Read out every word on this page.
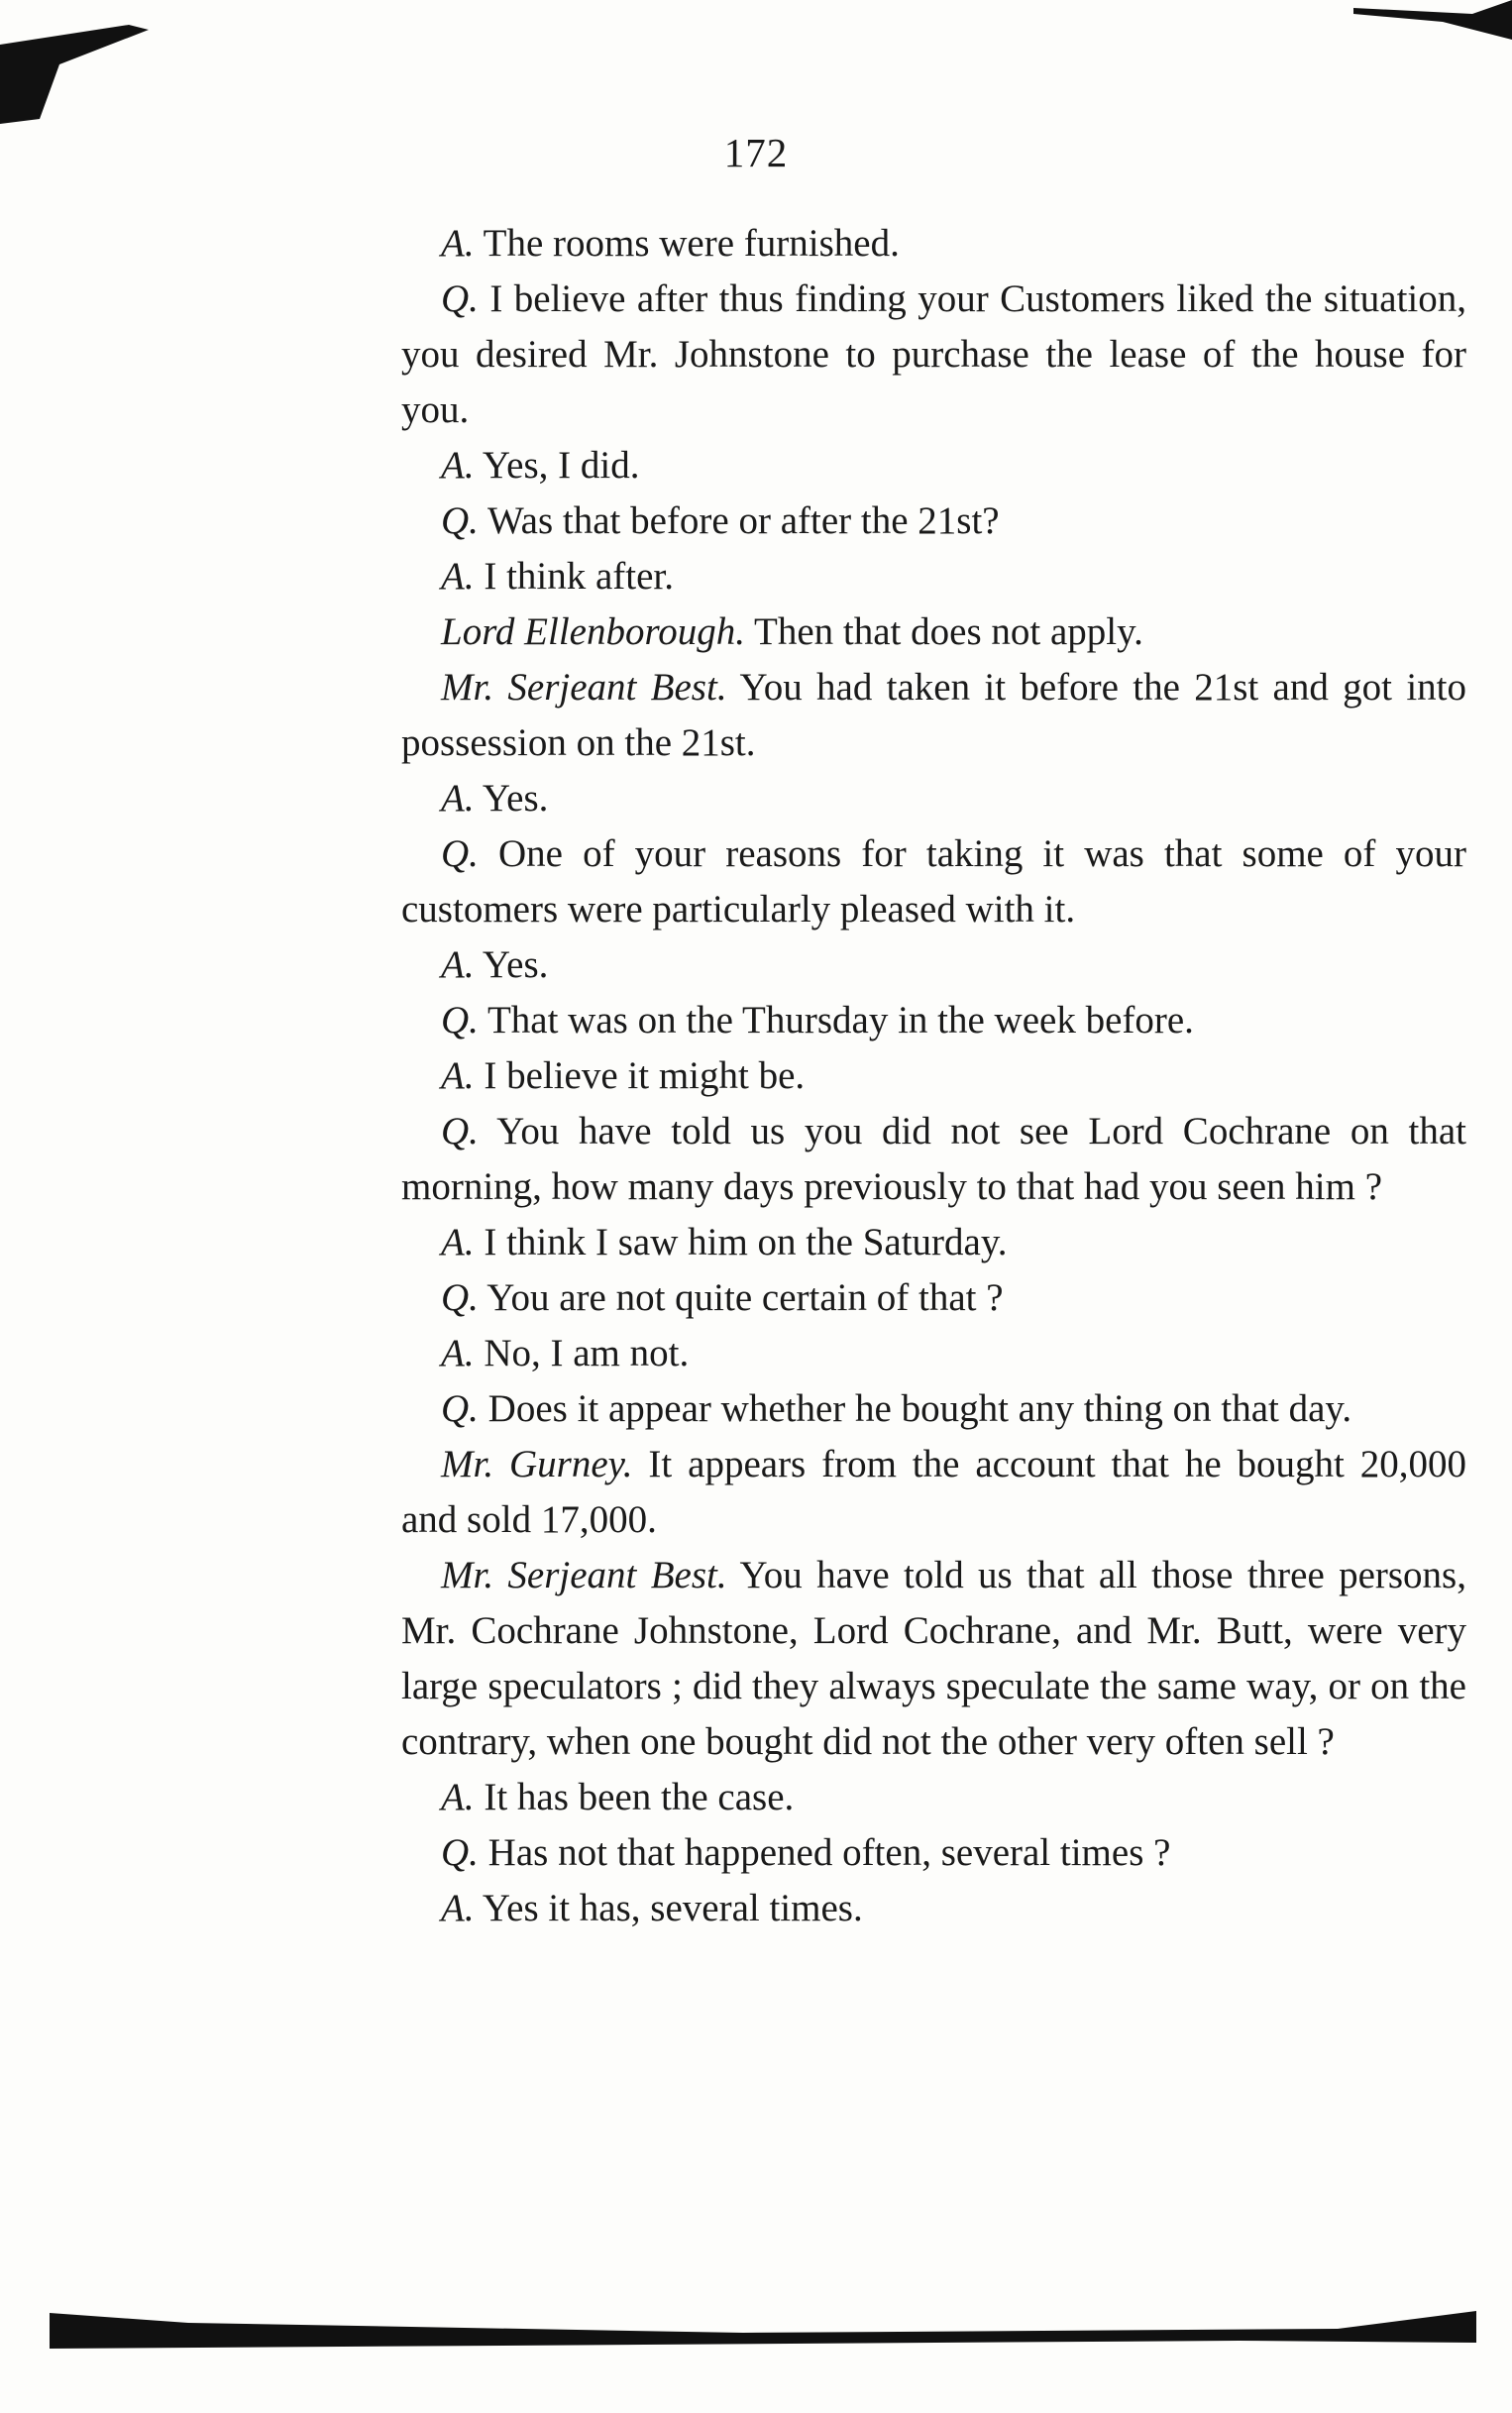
172

A. The rooms were furnished.

Q. I believe after thus finding your Customers liked the situation, you desired Mr. Johnstone to purchase the lease of the house for you.

A. Yes, I did.

Q. Was that before or after the 21st?

A. I think after.

Lord Ellenborough. Then that does not apply.

Mr. Serjeant Best. You had taken it before the 21st and got into possession on the 21st.

A. Yes.

Q. One of your reasons for taking it was that some of your customers were particularly pleased with it.

A. Yes.

Q. That was on the Thursday in the week before.

A. I believe it might be.

Q. You have told us you did not see Lord Cochrane on that morning, how many days previously to that had you seen him ?

A. I think I saw him on the Saturday.

Q. You are not quite certain of that ?

A. No, I am not.

Q. Does it appear whether he bought any thing on that day.

Mr. Gurney. It appears from the account that he bought 20,000 and sold 17,000.

Mr. Serjeant Best. You have told us that all those three persons, Mr. Cochrane Johnstone, Lord Cochrane, and Mr. Butt, were very large speculators ; did they always speculate the same way, or on the contrary, when one bought did not the other very often sell ?

A. It has been the case.

Q. Has not that happened often, several times ?

A. Yes it has, several times.
